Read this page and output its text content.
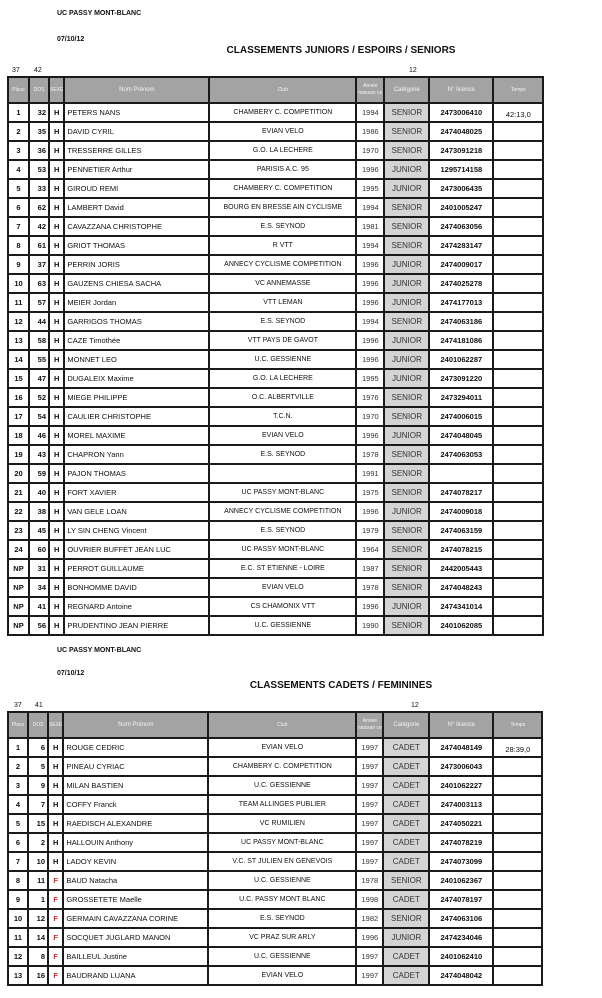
UC PASSY MONT-BLANC
07/10/12
CLASSEMENTS JUNIORS / ESPOIRS / SENIORS
37 42	12
Place	DOS	SEXE	Nom Prénom	Club	Année naissan ce	Catégorie	N° licence	Temps
1	32	H	PETERS NANS	CHAMBERY C. COMPETITION	1994	SENIOR	2473006410	42:13,0
2	35	H	DAVID CYRIL	EVIAN VELO	1986	SENIOR	2474048025	
3	36	H	TRESSERRE GILLES	G.O. LA LECHERE	1970	SENIOR	2473091218	
4	53	H	PENNETIER Arthur	PARISIS A.C. 95	1996	JUNIOR	1295714158	
5	33	H	GIROUD REMI	CHAMBERY C. COMPETITION	1995	JUNIOR	2473006435	
6	62	H	LAMBERT David	BOURG EN BRESSE AIN CYCLISME	1994	SENIOR	2401005247	
7	42	H	CAVAZZANA CHRISTOPHE	E.S. SEYNOD	1981	SENIOR	2474063056	
8	61	H	GRIOT THOMAS	R VTT	1994	SENIOR	2474283147	
9	37	H	PERRIN JORIS	ANNECY CYCLISME COMPETITION	1996	JUNIOR	2474009017	
10	63	H	GAUZENS CHIESA SACHA	VC ANNEMASSE	1996	JUNIOR	2474025278	
11	57	H	MEIER Jordan	VTT LEMAN	1996	JUNIOR	2474177013	
12	44	H	GARRIGOS THOMAS	E.S. SEYNOD	1994	SENIOR	2474063186	
13	58	H	CAZE Timothée	VTT PAYS DE GAVOT	1996	JUNIOR	2474181086	
14	55	H	MONNET LEO	U.C. GESSIENNE	1996	JUNIOR	2401062287	
15	47	H	DUGALEIX Maxime	G.O. LA LECHERE	1995	JUNIOR	2473091220	
16	52	H	MIEGE PHILIPPE	O.C. ALBERTVILLE	1976	SENIOR	2473294011	
17	54	H	CAULIER CHRISTOPHE	T.C.N.	1970	SENIOR	2474006015	
18	46	H	MOREL MAXIME	EVIAN VELO	1996	JUNIOR	2474048045	
19	43	H	CHAPRON Yann	E.S. SEYNOD	1978	SENIOR	2474063053	
20	59	H	PAJON THOMAS		1991	SENIOR		
21	40	H	FORT XAVIER	UC PASSY MONT-BLANC	1975	SENIOR	2474078217	
22	38	H	VAN GELE LOAN	ANNECY CYCLISME COMPETITION	1996	JUNIOR	2474009018	
23	45	H	LY SIN CHENG Vincent	E.S. SEYNOD	1979	SENIOR	2474063159	
24	60	H	OUVRIER BUFFET JEAN LUC	UC PASSY MONT-BLANC	1964	SENIOR	2474078215	
NP	31	H	PERROT GUILLAUME	E.C. ST ETIENNE - LOIRE	1987	SENIOR	2442005443	
NP	34	H	BONHOMME DAVID	EVIAN VELO	1978	SENIOR	2474048243	
NP	41	H	REGNARD Antoine	CS CHAMONIX VTT	1996	JUNIOR	2474341014	
NP	56	H	PRUDENTINO JEAN PIERRE	U.C. GESSIENNE	1990	SENIOR	2401062085	
UC PASSY MONT-BLANC
07/10/12
CLASSEMENTS CADETS / FEMININES
37 41	12
Place	DOS	SEXE	Nom Prénom	Club	Année naissan ce	Catégorie	N° licence	Temps
1	6	H	ROUGE CEDRIC	EVIAN VELO	1997	CADET	2474048149	28:39,0
2	5	H	PINEAU CYRIAC	CHAMBERY C. COMPETITION	1997	CADET	2473006043	
3	9	H	MILAN BASTIEN	U.C. GESSIENNE	1997	CADET	2401062227	
4	7	H	COFFY Franck	TEAM ALLINGES PUBLIER	1997	CADET	2474003113	
5	15	H	RAEDISCH ALEXANDRE	VC RUMILIEN	1997	CADET	2474050221	
6	2	H	HALLOUIN Anthony	UC PASSY MONT-BLANC	1997	CADET	2474078219	
7	10	H	LADOY KEVIN	V.C. ST JULIEN EN GENEVOIS	1997	CADET	2474073099	
8	11	F	BAUD Natacha	U.C. GESSIENNE	1978	SENIOR	2401062367	
9	1	F	GROSSETETE Maelle	U.C. PASSY MONT BLANC	1998	CADET	2474078197	
10	12	F	GERMAIN CAVAZZANA CORINE	E.S. SEYNOD	1982	SENIOR	2474063106	
11	14	F	SOCQUET JUGLARD MANON	VC PRAZ SUR ARLY	1996	JUNIOR	2474234046	
12	8	F	BAILLEUL Justine	U.C. GESSIENNE	1997	CADET	2401062410	
13	16	F	BAUDRAND LUANA	EVIAN VELO	1997	CADET	2474048042	
